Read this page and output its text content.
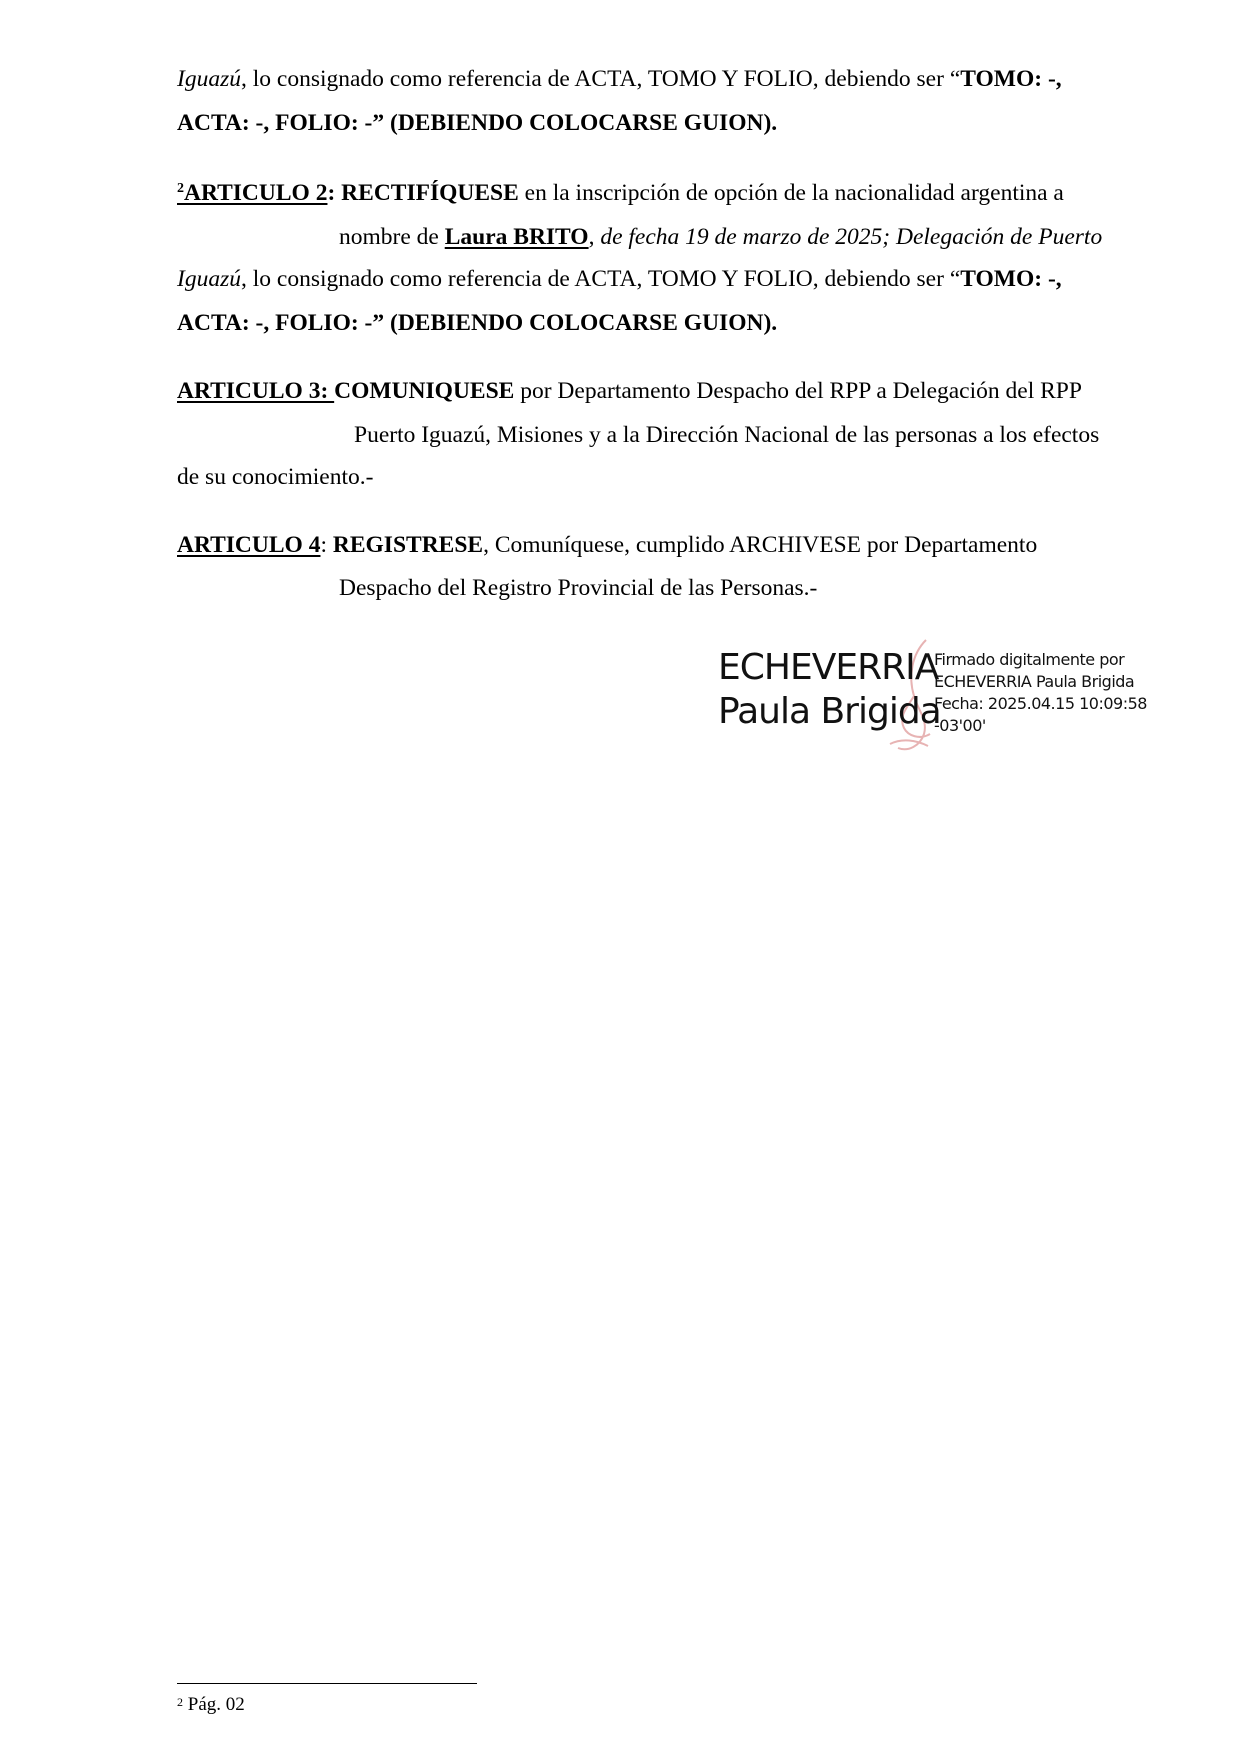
Iguazú, lo consignado como referencia de ACTA, TOMO Y FOLIO, debiendo ser “TOMO: -,
ACTA: -, FOLIO: -” (DEBIENDO COLOCARSE GUION).
$^2$ARTICULO 2: RECTIFÍQUESE en la inscripción de opción de la nacionalidad argentina a
nombre de Laura BRITO, de fecha 19 de marzo de 2025; Delegación de Puerto
Iguazú, lo consignado como referencia de ACTA, TOMO Y FOLIO, debiendo ser “TOMO: -,
ACTA: -, FOLIO: -” (DEBIENDO COLOCARSE GUION).
ARTICULO 3: COMUNIQUESE por Departamento Despacho del RPP a Delegación del RPP
Puerto Iguazú, Misiones y a la Dirección Nacional de las personas a los efectos
de su conocimiento.-
ARTICULO 4: REGISTRESE, Comuníquese, cumplido ARCHIVESE por Departamento
Despacho del Registro Provincial de las Personas.-
ECHEVERRIA
Paula Brigida
Firmado digitalmente por
ECHEVERRIA Paula Brigida
Fecha: 2025.04.15 10:09:58
-03'00'
$^2$ Pág. 02
